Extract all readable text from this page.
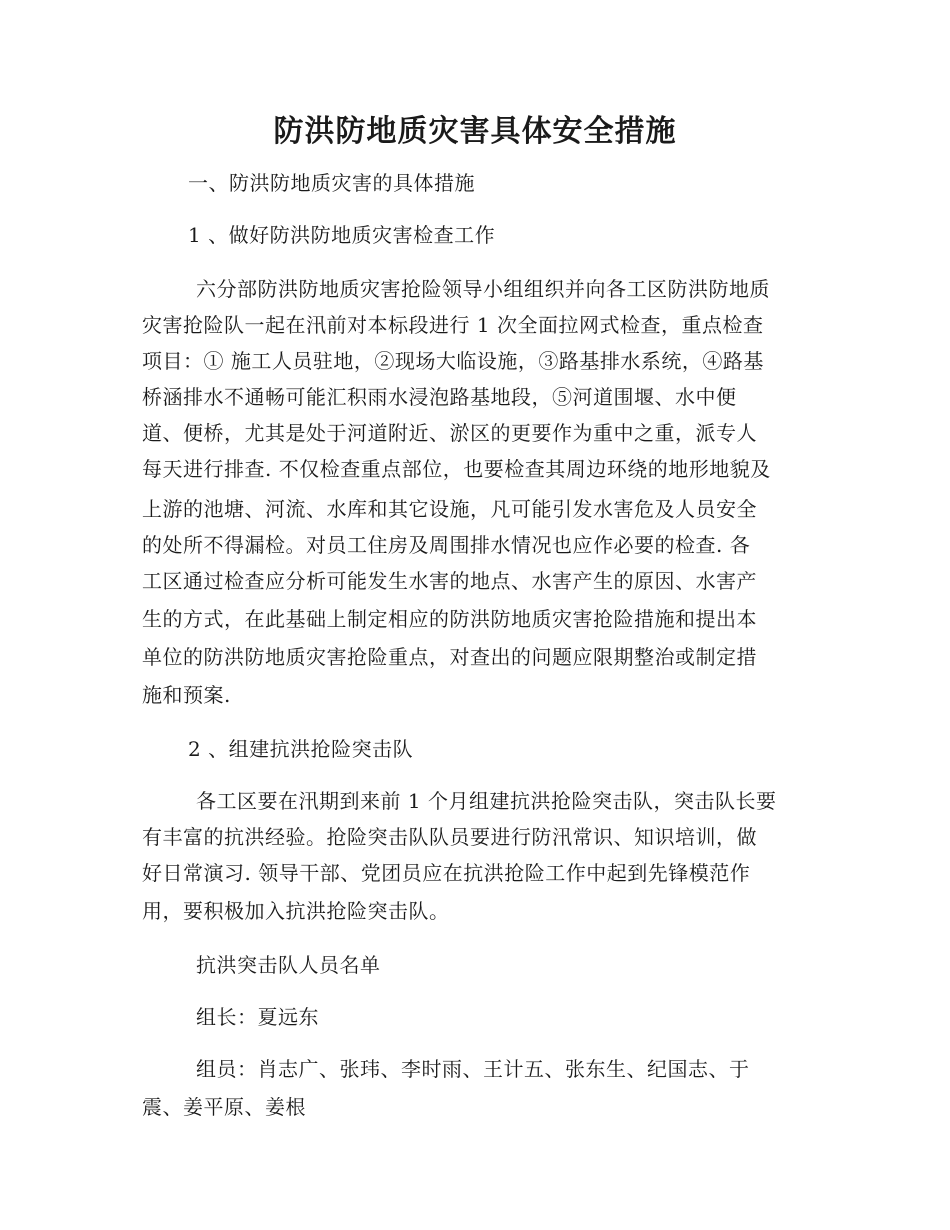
防洪防地质灾害具体安全措施
一、防洪防地质灾害的具体措施
1 、做好防洪防地质灾害检查工作
六分部防洪防地质灾害抢险领导小组组织并向各工区防洪防地质
灾害抢险队一起在汛前对本标段进行 1 次全面拉网式检查，重点检查
项目：① 施工人员驻地，②现场大临设施，③路基排水系统，④路基
桥涵排水不通畅可能汇积雨水浸泡路基地段，⑤河道围堰、水中便
道、便桥，尤其是处于河道附近、淤区的更要作为重中之重，派专人
每天进行排查. 不仅检查重点部位，也要检查其周边环绕的地形地貌及
上游的池塘、河流、水库和其它设施，凡可能引发水害危及人员安全
的处所不得漏检。对员工住房及周围排水情况也应作必要的检查. 各
工区通过检查应分析可能发生水害的地点、水害产生的原因、水害产
生的方式，在此基础上制定相应的防洪防地质灾害抢险措施和提出本
单位的防洪防地质灾害抢险重点，对查出的问题应限期整治或制定措
施和预案.
2 、组建抗洪抢险突击队
各工区要在汛期到来前 1 个月组建抗洪抢险突击队，突击队长要
有丰富的抗洪经验。抢险突击队队员要进行防汛常识、知识培训，做
好日常演习. 领导干部、党团员应在抗洪抢险工作中起到先锋模范作
用，要积极加入抗洪抢险突击队。
抗洪突击队人员名单
组长：夏远东
组员：肖志广、张玮、李时雨、王计五、张东生、纪国志、于
震、姜平原、姜根
